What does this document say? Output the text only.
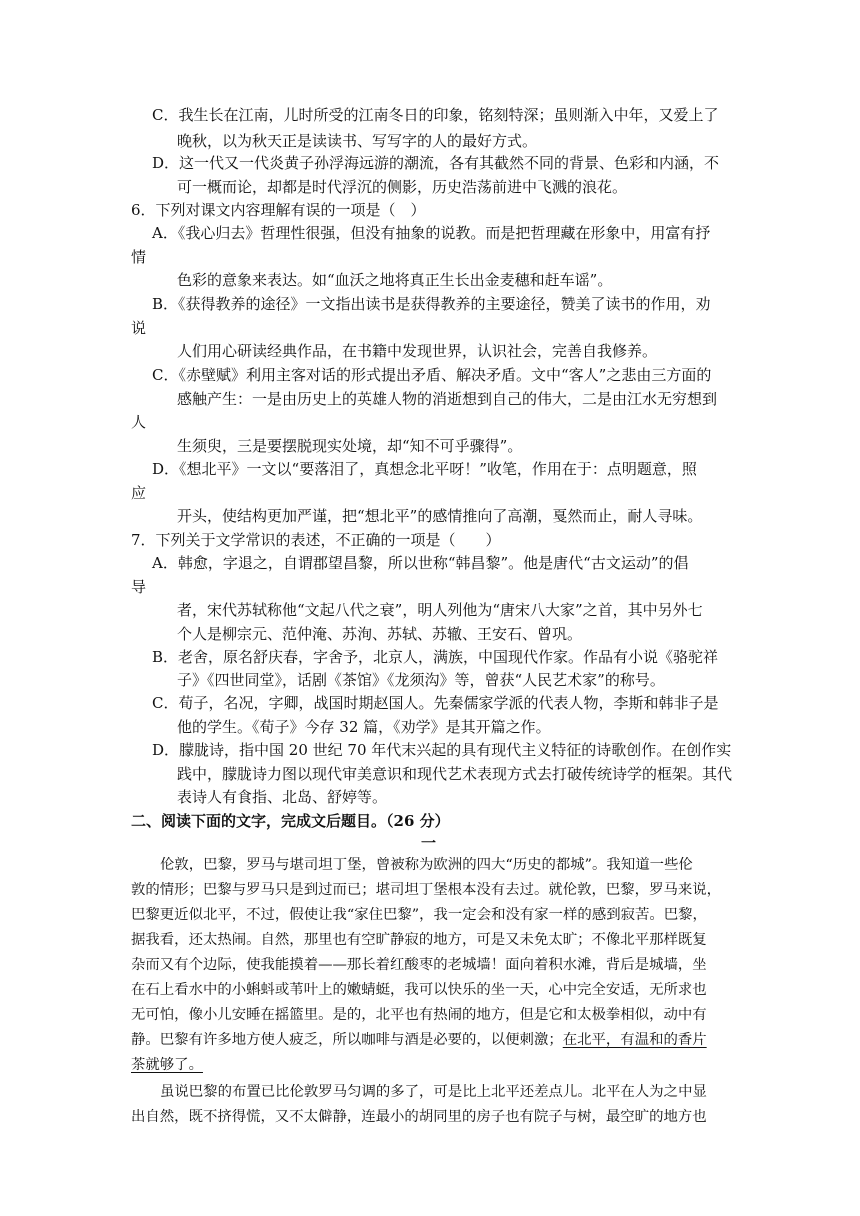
C．我生长在江南，儿时所受的江南冬日的印象，铭刻特深；虽则渐入中年，又爱上了
晚秋，以为秋天正是读读书、写写字的人的最好方式。
D．这一代又一代炎黄子孙浮海远游的潮流，各有其截然不同的背景、色彩和内涵，不
可一概而论，却都是时代浮沉的侧影，历史浩荡前进中飞溅的浪花。
6．下列对课文内容理解有误的一项是（　）
A．《我心归去》哲理性很强，但没有抽象的说教。而是把哲理藏在形象中，用富有抒
情
色彩的意象来表达。如“血沃之地将真正生长出金麦穗和赶车谣”。
B．《获得教养的途径》一文指出读书是获得教养的主要途径，赞美了读书的作用，劝
说
人们用心研读经典作品，在书籍中发现世界，认识社会，完善自我修养。
C．《赤壁赋》利用主客对话的形式提出矛盾、解决矛盾。文中“客人”之悲由三方面的
感触产生：一是由历史上的英雄人物的消逝想到自己的伟大，二是由江水无穷想到
人
生须臾，三是要摆脱现实处境，却“知不可乎骤得”。
D．《想北平》一文以“要落泪了，真想念北平呀！”收笔，作用在于：点明题意，照
应
开头，使结构更加严谨，把“想北平”的感情推向了高潮，戛然而止，耐人寻味。
7．下列关于文学常识的表述，不正确的一项是（　　）
A．韩愈，字退之，自谓郡望昌黎，所以世称“韩昌黎”。他是唐代“古文运动”的倡
导
者，宋代苏轼称他“文起八代之衰”，明人列他为“唐宋八大家”之首，其中另外七
个人是柳宗元、范仲淹、苏洵、苏轼、苏辙、王安石、曾巩。
B．老舍，原名舒庆春，字舍予，北京人，满族，中国现代作家。作品有小说《骆驼祥
子》《四世同堂》，话剧《茶馆》《龙须沟》等，曾获“人民艺术家”的称号。
C．荀子，名况，字卿，战国时期赵国人。先秦儒家学派的代表人物，李斯和韩非子是
他的学生。《荀子》今存 32 篇，《劝学》是其开篇之作。
D．朦胧诗，指中国 20 世纪 70 年代末兴起的具有现代主义特征的诗歌创作。在创作实
践中，朦胧诗力图以现代审美意识和现代艺术表现方式去打破传统诗学的框架。其代
表诗人有食指、北岛、舒婷等。
二、阅读下面的文字，完成文后题目。（26 分）
一
伦敦，巴黎，罗马与堪司坦丁堡，曾被称为欧洲的四大“历史的都城”。我知道一些伦
敦的情形；巴黎与罗马只是到过而已；堪司坦丁堡根本没有去过。就伦敦，巴黎，罗马来说，
巴黎更近似北平，不过，假使让我“家住巴黎”，我一定会和没有家一样的感到寂苦。巴黎，
据我看，还太热闹。自然，那里也有空旷静寂的地方，可是又未免太旷；不像北平那样既复
杂而又有个边际，使我能摸着——那长着红酸枣的老城墙！面向着积水滩，背后是城墙，坐
在石上看水中的小蝌蚪或苇叶上的嫩蜻蜓，我可以快乐的坐一天，心中完全安适，无所求也
无可怕，像小儿安睡在摇篮里。是的，北平也有热闹的地方，但是它和太极拳相似，动中有
静。巴黎有许多地方使人疲乏，所以咖啡与酒是必要的，以便刺激；在北平，有温和的香片
茶就够了。
虽说巴黎的布置已比伦敦罗马匀调的多了，可是比上北平还差点儿。北平在人为之中显
出自然，既不挤得慌，又不太僻静，连最小的胡同里的房子也有院子与树，最空旷的地方也
